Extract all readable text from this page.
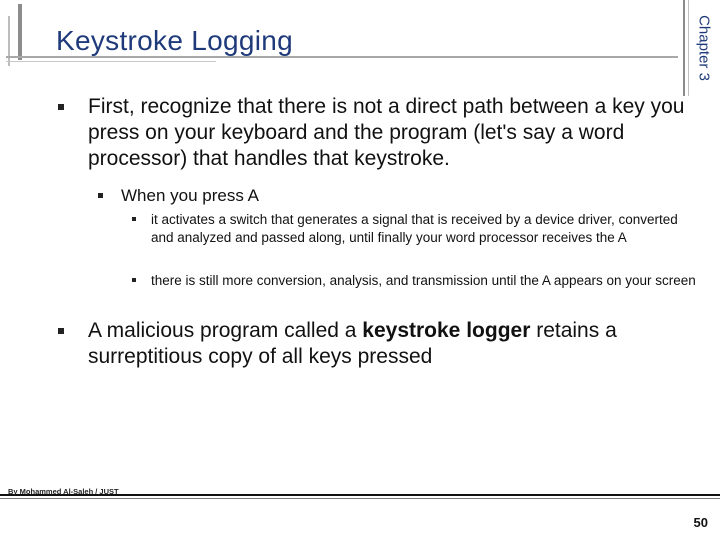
Keystroke Logging	Chapter 3
First, recognize that there is not a direct path between a key you press on your keyboard and the program (let's say a word processor) that handles that keystroke.
When you press A
it activates a switch that generates a signal that is received by a device driver, converted and analyzed and passed along, until finally your word processor receives the A
there is still more conversion, analysis, and transmission until the A appears on your screen
A malicious program called a keystroke logger retains a surreptitious copy of all keys pressed
By Mohammed Al-Saleh / JUST
50
